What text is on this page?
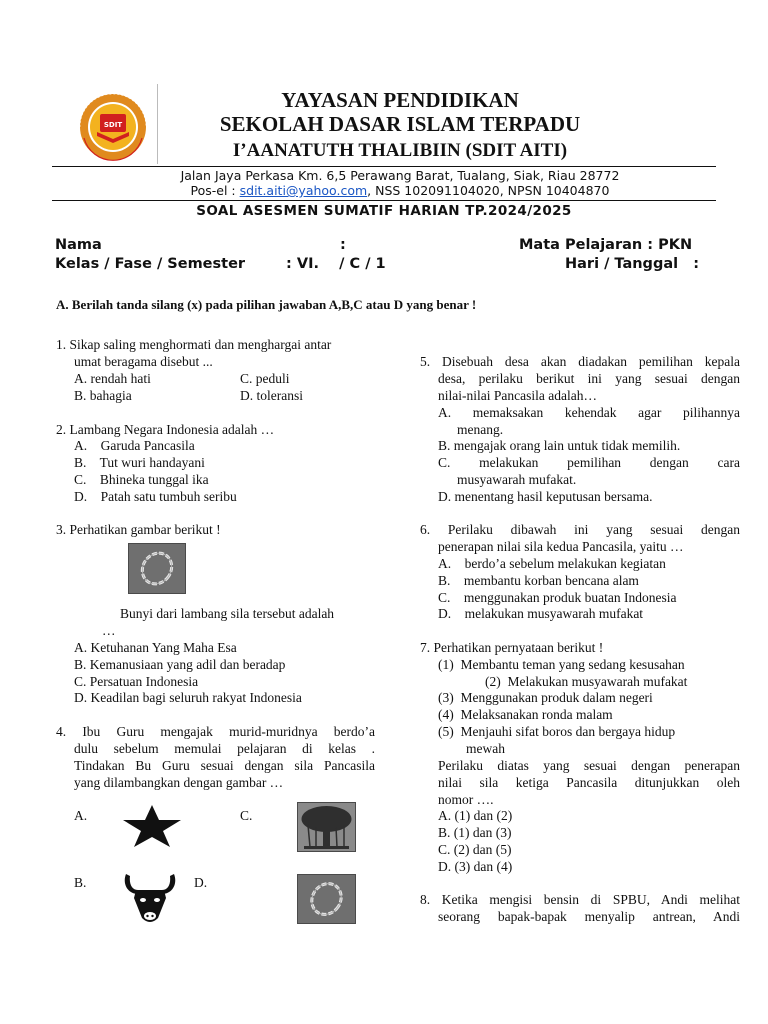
SDIT
YAYASAN PENDIDIKAN
SEKOLAH DASAR ISLAM TERPADU
I’AANATUTH THALIBIIN (SDIT AITI)
Jalan Jaya Perkasa Km. 6,5 Perawang Barat, Tualang, Siak, Riau 28772
Pos-el : sdit.aiti@yahoo.com, NSS 102091104020, NPSN 10404870
SOAL ASESMEN SUMATIF HARIAN TP.2024/2025
Nama	:	Mata Pelajaran : PKN
Kelas / Fase / Semester	: VI.    / C / 1	Hari / Tanggal   :
A. Berilah tanda silang (x) pada pilihan jawaban A,B,C atau D yang benar !
1. Sikap saling menghormati dan menghargai antar
umat beragama disebut ...
A. rendah hati	C. peduli
B. bahagia	D. toleransi
2. Lambang Negara Indonesia adalah …
A.    Garuda Pancasila
B.    Tut wuri handayani
C.    Bhineka tunggal ika
D.    Patah satu tumbuh seribu
3. Perhatikan gambar berikut !
Bunyi dari lambang sila tersebut adalah
…
A. Ketuhanan Yang Maha Esa
B. Kemanusiaan yang adil dan beradap
C. Persatuan Indonesia
D. Keadilan bagi seluruh rakyat Indonesia
4. Ibu Guru mengajak murid-muridnya berdo’a
dulu sebelum memulai pelajaran di kelas .
Tindakan Bu Guru sesuai dengan sila Pancasila
yang dilambangkan dengan gambar …
A.	C.
B.	D.
5. Disebuah desa akan diadakan pemilihan kepala
desa, perilaku berikut ini yang sesuai dengan
nilai-nilai Pancasila adalah…
A. memaksakan kehendak agar pilihannya
menang.
B. mengajak orang lain untuk tidak memilih.
C. melakukan pemilihan dengan cara
musyawarah mufakat.
D. menentang hasil keputusan bersama.
6. Perilaku dibawah ini yang sesuai dengan
penerapan nilai sila kedua Pancasila, yaitu …
A.    berdo’a sebelum melakukan kegiatan
B.    membantu korban bencana alam
C.    menggunakan produk buatan Indonesia
D.    melakukan musyawarah mufakat
7. Perhatikan pernyataan berikut !
(1)  Membantu teman yang sedang kesusahan
(2)  Melakukan musyawarah mufakat
(3)  Menggunakan produk dalam negeri
(4)  Melaksanakan ronda malam
(5)  Menjauhi sifat boros dan bergaya hidup
mewah
Perilaku diatas yang sesuai dengan penerapan
nilai sila ketiga Pancasila ditunjukkan oleh
nomor ….
A. (1) dan (2)
B. (1) dan (3)
C. (2) dan (5)
D. (3) dan (4)
8. Ketika mengisi bensin di SPBU, Andi melihat
seorang bapak-bapak menyalip antrean, Andi
